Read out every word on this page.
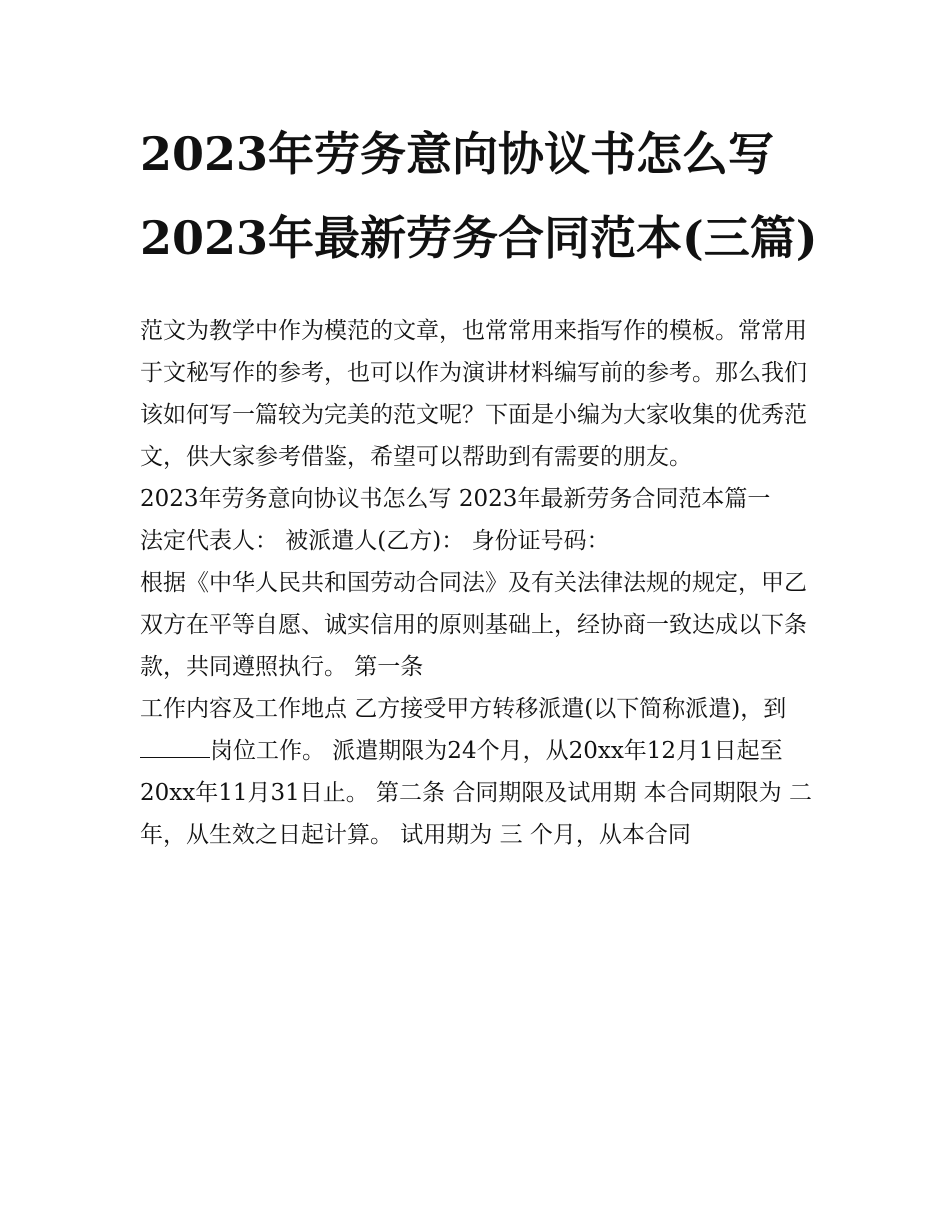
2023年劳务意向协议书怎么写 2023年最新劳务合同范本(三篇)

范文为教学中作为模范的文章，也常常用来指写作的模板。常常用于文秘写作的参考，也可以作为演讲材料编写前的参考。那么我们该如何写一篇较为完美的范文呢？下面是小编为大家收集的优秀范文，供大家参考借鉴，希望可以帮助到有需要的朋友。

2023年劳务意向协议书怎么写 2023年最新劳务合同范本篇一

法定代表人： 被派遣人(乙方)： 身份证号码：

根据《中华人民共和国劳动合同法》及有关法律法规的规定，甲乙双方在平等自愿、诚实信用的原则基础上，经协商一致达成以下条款，共同遵照执行。 第一条

工作内容及工作地点 乙方接受甲方转移派遣(以下简称派遣)，到岗位工作。 派遣期限为24个月，从20xx年12月1日起至

20xx年11月31日止。 第二条 合同期限及试用期 本合同期限为 二 年，从生效之日起计算。 试用期为 三 个月，从本合同
